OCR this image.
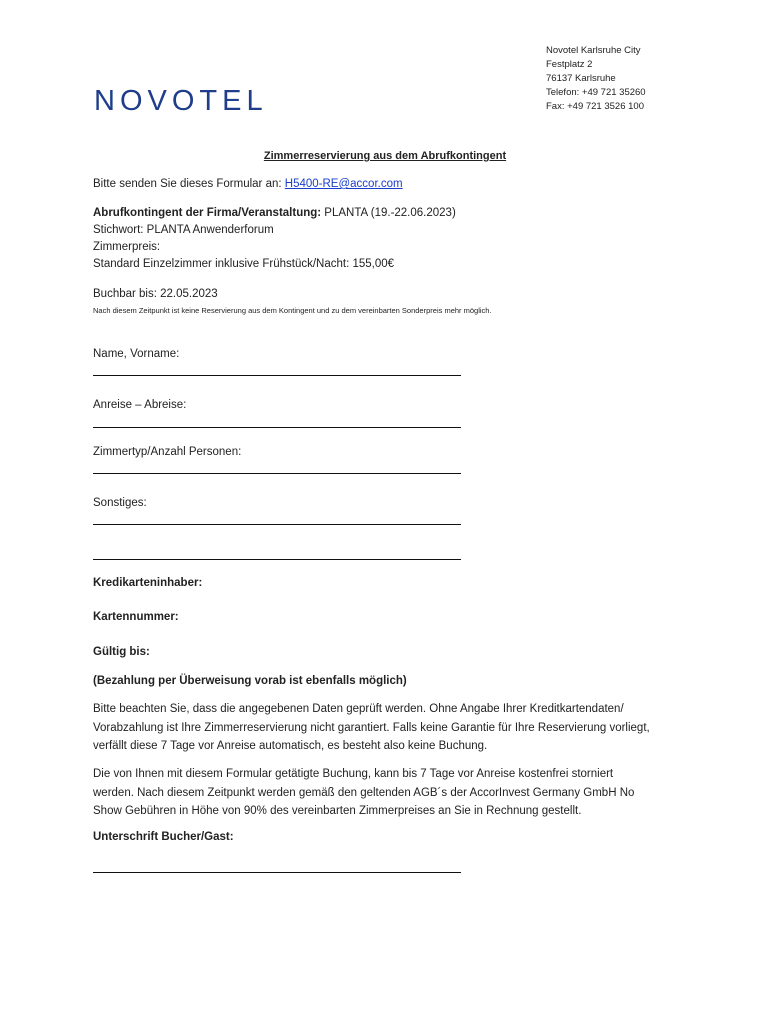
NOVOTEL
Novotel Karlsruhe City
Festplatz 2
76137 Karlsruhe
Telefon: +49 721 35260
Fax: +49 721 3526 100
Zimmerreservierung aus dem Abrufkontingent
Bitte senden Sie dieses Formular an: H5400-RE@accor.com
Abrufkontingent der Firma/Veranstaltung: PLANTA (19.-22.06.2023)
Stichwort: PLANTA Anwenderforum
Zimmerpreis:
Standard Einzelzimmer inklusive Frühstück/Nacht: 155,00€
Buchbar bis: 22.05.2023
Nach diesem Zeitpunkt ist keine Reservierung aus dem Kontingent und zu dem vereinbarten Sonderpreis mehr möglich.
Name, Vorname:
Anreise – Abreise:
Zimmertyp/Anzahl Personen:
Sonstiges:
Kredikarteninhaber:
Kartennummer:
Gültig bis:
(Bezahlung per Überweisung vorab ist ebenfalls möglich)

Bitte beachten Sie, dass die angegebenen Daten geprüft werden. Ohne Angabe Ihrer Kreditkartendaten/

Vorabzahlung ist Ihre Zimmerreservierung nicht garantiert. Falls keine Garantie für Ihre Reservierung vorliegt,

verfällt diese 7 Tage vor Anreise automatisch, es besteht also keine Buchung.

Die von Ihnen mit diesem Formular getätigte Buchung, kann bis 7 Tage vor Anreise kostenfrei storniert

werden. Nach diesem Zeitpunkt werden gemäß den geltenden AGB´s der AccorInvest Germany GmbH No

Show Gebühren in Höhe von 90% des vereinbarten Zimmerpreises an Sie in Rechnung gestellt.

Unterschrift Bucher/Gast:
